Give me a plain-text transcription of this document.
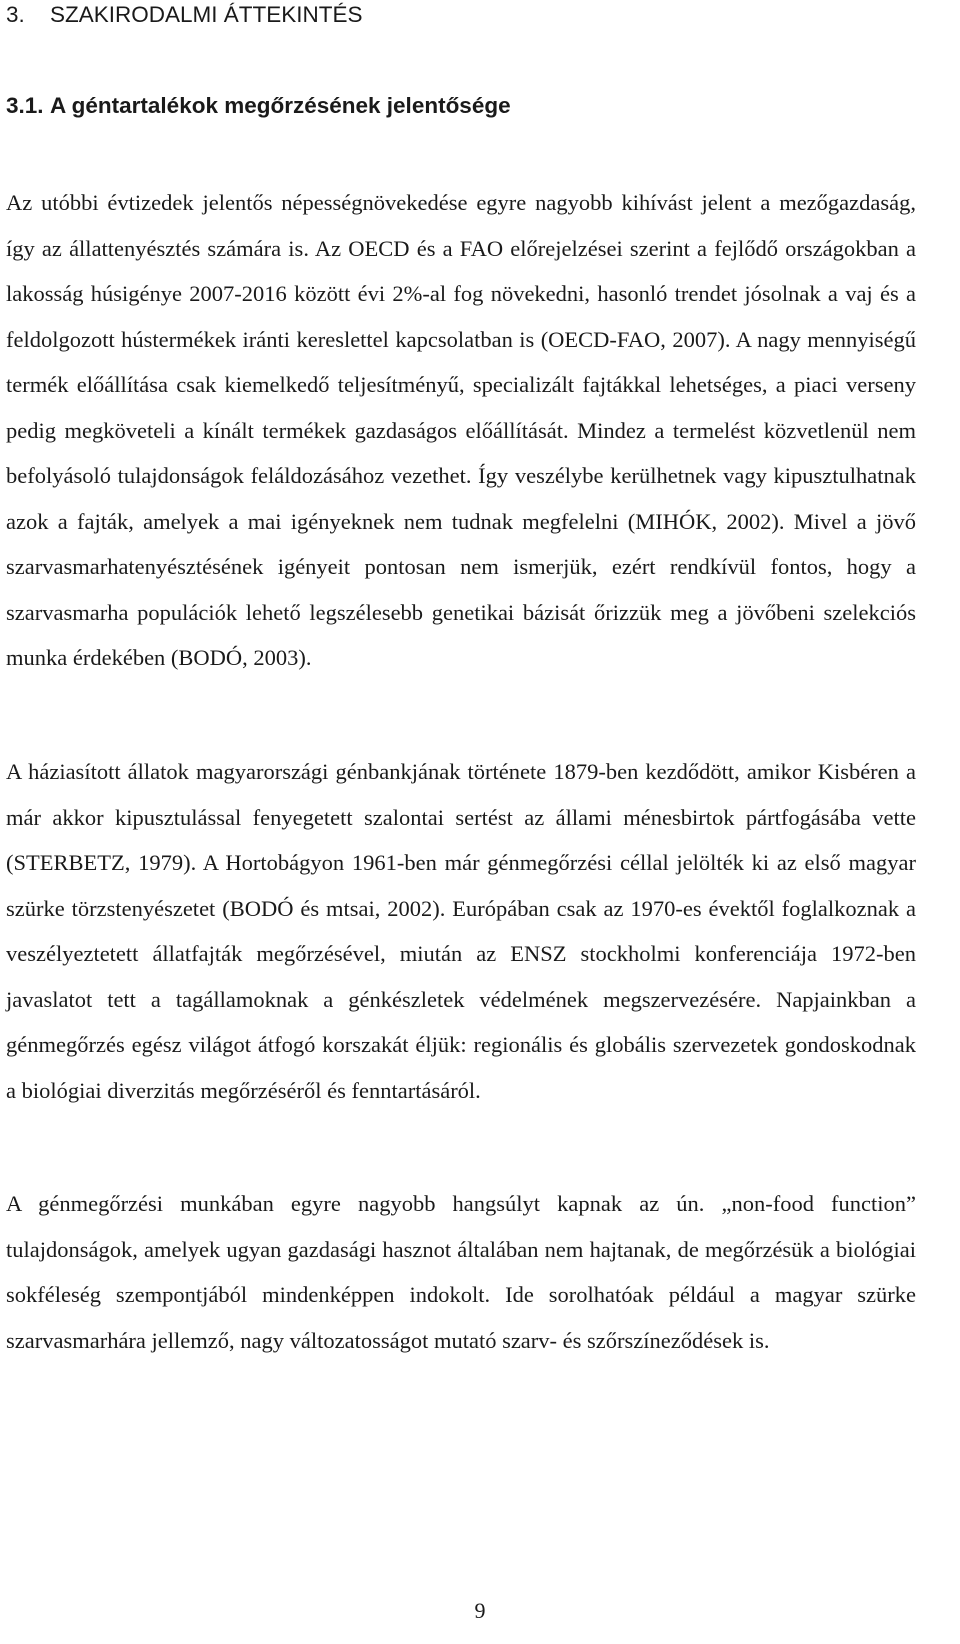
3. SZAKIRODALMI ÁTTEKINTÉS
3.1. A géntartalékok megőrzésének jelentősége

Az utóbbi évtizedek jelentős népességnövekedése egyre nagyobb kihívást jelent a mezőgazdaság, így az állattenyésztés számára is. Az OECD és a FAO előrejelzései szerint a fejlődő országokban a lakosság húsigénye 2007-2016 között évi 2%-al fog növekedni, hasonló trendet jósolnak a vaj és a feldolgozott hústermékek iránti kereslettel kapcsolatban is (OECD-FAO, 2007). A nagy mennyiségű termék előállítása csak kiemelkedő teljesítményű, specializált fajtákkal lehetséges, a piaci verseny pedig megköveteli a kínált termékek gazdaságos előállítását. Mindez a termelést közvetlenül nem befolyásoló tulajdonságok feláldozásához vezethet. Így veszélybe kerülhetnek vagy kipusztulhatnak azok a fajták, amelyek a mai igényeknek nem tudnak megfelelni (MIHÓK, 2002). Mivel a jövő szarvasmarhatenyésztésének igényeit pontosan nem ismerjük, ezért rendkívül fontos, hogy a szarvasmarha populációk lehető legszélesebb genetikai bázisát őrizzük meg a jövőbeni szelekciós munka érdekében (BODÓ, 2003).

A háziasított állatok magyarországi génbankjának története 1879-ben kezdődött, amikor Kisbéren a már akkor kipusztulással fenyegetett szalontai sertést az állami ménesbirtok pártfogásába vette (STERBETZ, 1979). A Hortobágyon 1961-ben már génmegőrzési céllal jelölték ki az első magyar szürke törzstenyészetet (BODÓ és mtsai, 2002). Európában csak az 1970-es évektől foglalkoznak a veszélyeztetett állatfajták megőrzésével, miután az ENSZ stockholmi konferenciája 1972-ben javaslatot tett a tagállamoknak a génkészletek védelmének megszervezésére. Napjainkban a génmegőrzés egész világot átfogó korszakát éljük: regionális és globális szervezetek gondoskodnak a biológiai diverzitás megőrzéséről és fenntartásáról.

A génmegőrzési munkában egyre nagyobb hangsúlyt kapnak az ún. „non-food function” tulajdonságok, amelyek ugyan gazdasági hasznot általában nem hajtanak, de megőrzésük a biológiai sokféleség szempontjából mindenképpen indokolt. Ide sorolhatóak például a magyar szürke szarvasmarhára jellemző, nagy változatosságot mutató szarv- és szőrszíneződések is.

9
